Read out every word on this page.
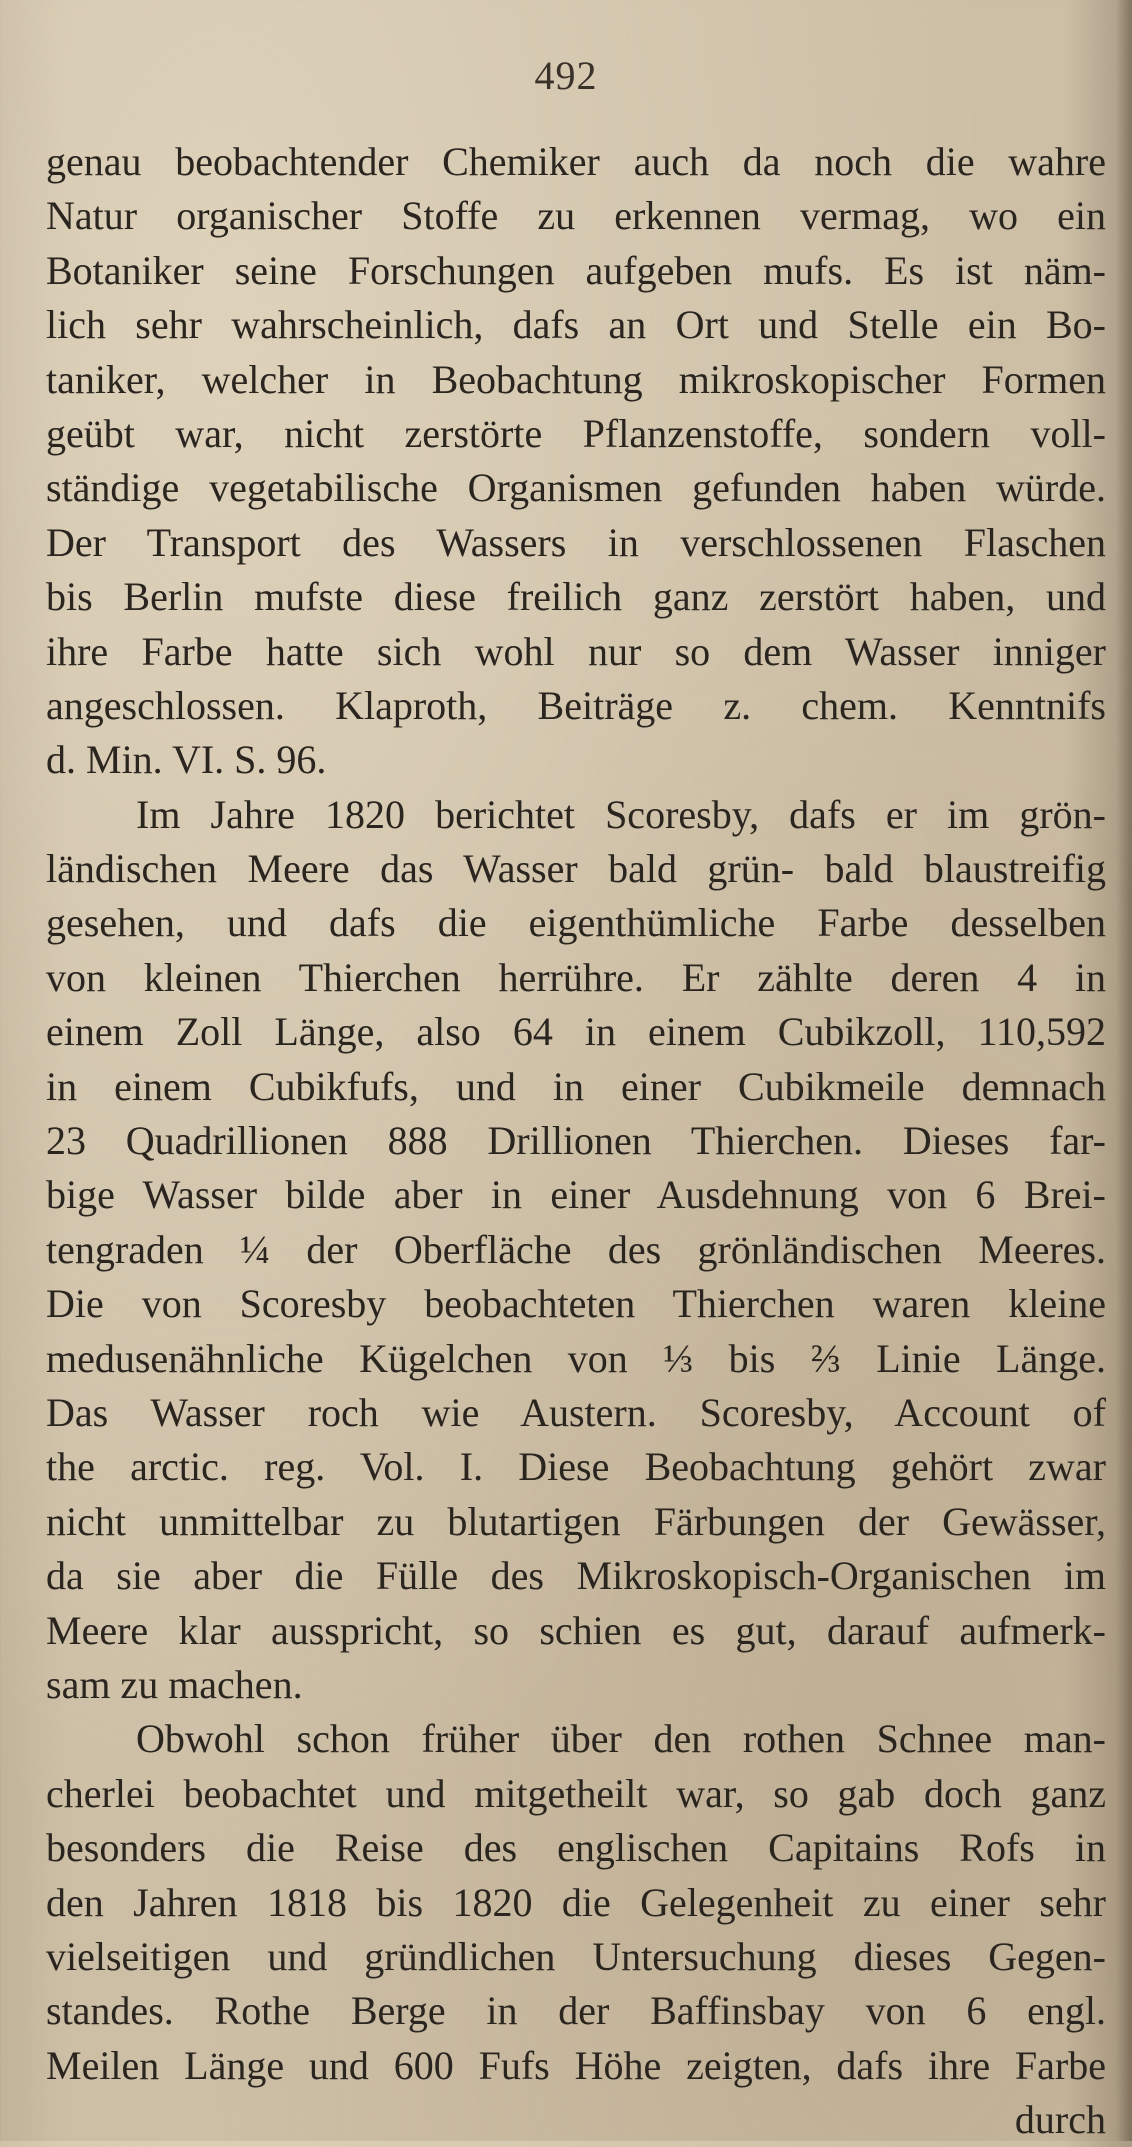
492
genau beobachtender Chemiker auch da noch die wahre
Natur organischer Stoffe zu erkennen vermag, wo ein
Botaniker seine Forschungen aufgeben mufs. Es ist näm-
lich sehr wahrscheinlich, dafs an Ort und Stelle ein Bo-
taniker, welcher in Beobachtung mikroskopischer Formen
geübt war, nicht zerstörte Pflanzenstoffe, sondern voll-
ständige vegetabilische Organismen gefunden haben würde.
Der Transport des Wassers in verschlossenen Flaschen
bis Berlin mufste diese freilich ganz zerstört haben, und
ihre Farbe hatte sich wohl nur so dem Wasser inniger
angeschlossen. Klaproth, Beiträge z. chem. Kenntnifs
d. Min. VI. S. 96.
Im Jahre 1820 berichtet Scoresby, dafs er im grön-
ländischen Meere das Wasser bald grün- bald blaustreifig
gesehen, und dafs die eigenthümliche Farbe desselben
von kleinen Thierchen herrühre. Er zählte deren 4 in
einem Zoll Länge, also 64 in einem Cubikzoll, 110,592
in einem Cubikfufs, und in einer Cubikmeile demnach
23 Quadrillionen 888 Drillionen Thierchen. Dieses far-
bige Wasser bilde aber in einer Ausdehnung von 6 Brei-
tengraden ¼ der Oberfläche des grönländischen Meeres.
Die von Scoresby beobachteten Thierchen waren kleine
medusenähnliche Kügelchen von ⅓ bis ⅔ Linie Länge.
Das Wasser roch wie Austern. Scoresby, Account of
the arctic. reg. Vol. I. Diese Beobachtung gehört zwar
nicht unmittelbar zu blutartigen Färbungen der Gewässer,
da sie aber die Fülle des Mikroskopisch-Organischen im
Meere klar ausspricht, so schien es gut, darauf aufmerk-
sam zu machen.
Obwohl schon früher über den rothen Schnee man-
cherlei beobachtet und mitgetheilt war, so gab doch ganz
besonders die Reise des englischen Capitains Rofs in
den Jahren 1818 bis 1820 die Gelegenheit zu einer sehr
vielseitigen und gründlichen Untersuchung dieses Gegen-
standes. Rothe Berge in der Baffinsbay von 6 engl.
Meilen Länge und 600 Fufs Höhe zeigten, dafs ihre Farbe
durch
